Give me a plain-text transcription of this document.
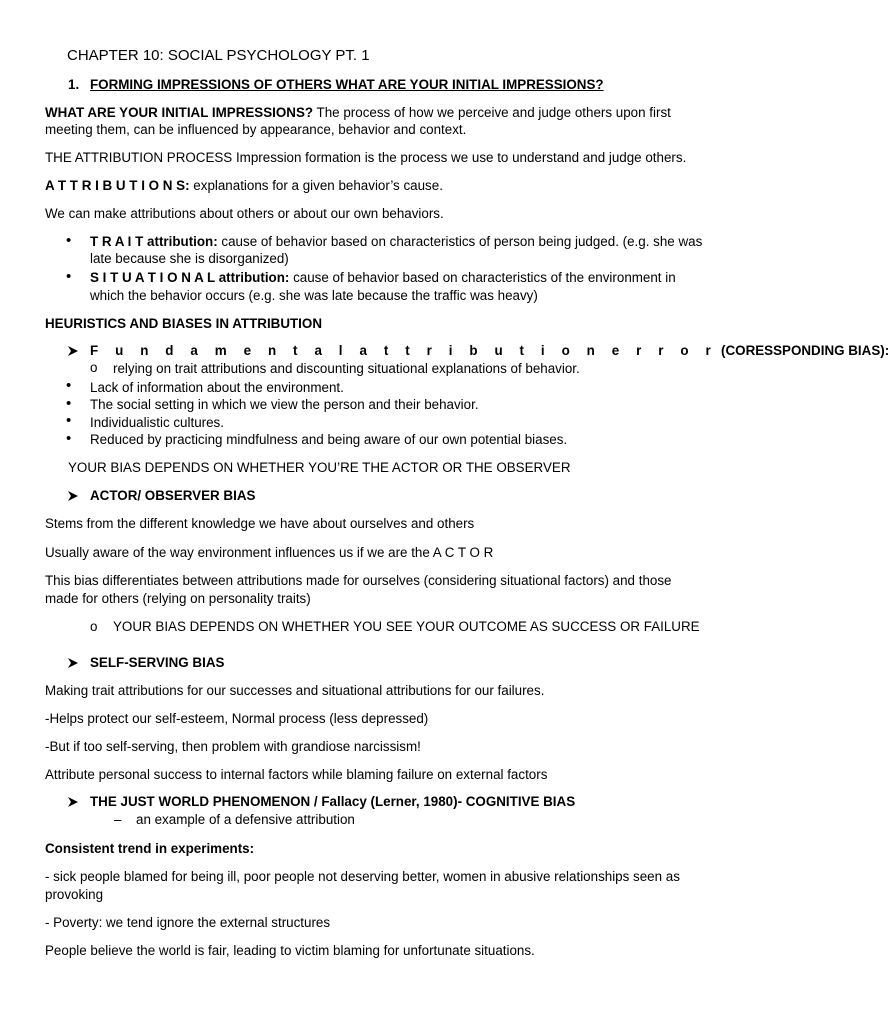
CHAPTER 10: SOCIAL PSYCHOLOGY PT. 1
1. FORMING IMPRESSIONS OF OTHERS WHAT ARE YOUR INITIAL IMPRESSIONS?
WHAT ARE YOUR INITIAL IMPRESSIONS? The process of how we perceive and judge others upon first
meeting them, can be influenced by appearance, behavior and context.
THE ATTRIBUTION PROCESS Impression formation is the process we use to understand and judge others.
A T T R I B U T I O N S: explanations for a given behavior’s cause.
We can make attributions about others or about our own behaviors.
• T R A I T attribution: cause of behavior based on characteristics of person being judged. (e.g. she was
late because she is disorganized)
• S I T U A T I O N A L attribution: cause of behavior based on characteristics of the environment in
which the behavior occurs (e.g. she was late because the traffic was heavy)
HEURISTICS AND BIASES IN ATTRIBUTION
F u n d a m e n t a l a t t r i b u t i o n e r r o r (CORESSPONDING BIAS):
o relying on trait attributions and discounting situational explanations of behavior.
• Lack of information about the environment.
• The social setting in which we view the person and their behavior.
• Individualistic cultures.
• Reduced by practicing mindfulness and being aware of our own potential biases.
YOUR BIAS DEPENDS ON WHETHER YOU’RE THE ACTOR OR THE OBSERVER
ACTOR/ OBSERVER BIAS
Stems from the different knowledge we have about ourselves and others
Usually aware of the way environment influences us if we are the A C T O R
This bias differentiates between attributions made for ourselves (considering situational factors) and those
made for others (relying on personality traits)
o YOUR BIAS DEPENDS ON WHETHER YOU SEE YOUR OUTCOME AS SUCCESS OR FAILURE
SELF-SERVING BIAS
Making trait attributions for our successes and situational attributions for our failures.
-Helps protect our self-esteem, Normal process (less depressed)
-But if too self-serving, then problem with grandiose narcissism!
Attribute personal success to internal factors while blaming failure on external factors
THE JUST WORLD PHENOMENON / Fallacy (Lerner, 1980)- COGNITIVE BIAS
– an example of a defensive attribution
Consistent trend in experiments:
- sick people blamed for being ill, poor people not deserving better, women in abusive relationships seen as
provoking
- Poverty: we tend ignore the external structures
People believe the world is fair, leading to victim blaming for unfortunate situations.
